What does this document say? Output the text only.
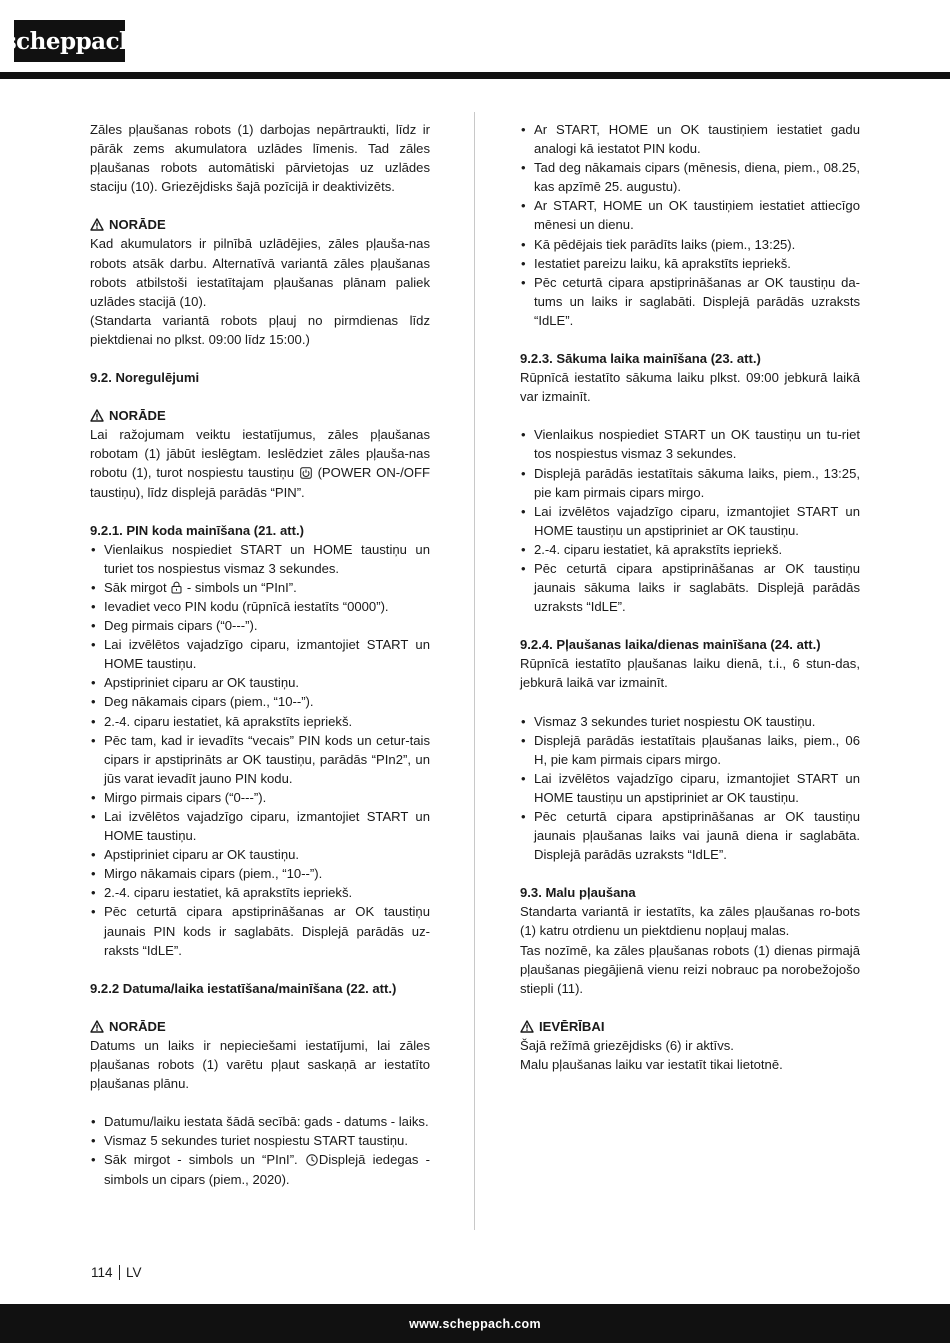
scheppach

Zāles pļaušanas robots (1) darbojas nepārtraukti, līdz ir pārāk zems akumulatora uzlādes līmenis. Tad zāles pļaušanas robots automātiski pārvietojas uz uzlādes staciju (10). Griezējdisks šajā pozīcijā ir deaktivizēts.

NORĀDE

Kad akumulators ir pilnībā uzlādējies, zāles pļauša-nas robots atsāk darbu. Alternatīvā variantā zāles pļaušanas robots atbilstoši iestatītajam pļaušanas plānam paliek uzlādes stacijā (10).

(Standarta variantā robots pļauj no pirmdienas līdz piektdienai no plkst. 09:00 līdz 15:00.)

9.2. Noregulējumi
NORĀDE

Lai ražojumam veiktu iestatījumus, zāles pļaušanas robotam (1) jābūt ieslēgtam. Ieslēdziet zāles pļauša-nas robotu (1), turot nospiestu taustiņu (POWER ON-/OFF taustiņu), līdz displejā parādās “PIN”.

9.2.1. PIN koda mainīšana (21. att.)
• Vienlaikus nospiediet START un HOME taustiņu un turiet tos nospiestus vismaz 3 sekundes.
• Sāk mirgot - simbols un “PInI”.
• Ievadiet veco PIN kodu (rūpnīcā iestatīts “0000”).
• Deg pirmais cipars (“0---”).
• Lai izvēlētos vajadzīgo ciparu, izmantojiet START un HOME taustiņu.
• Apstipriniet ciparu ar OK taustiņu.
• Deg nākamais cipars (piem., “10--”).
• 2.-4. ciparu iestatiet, kā aprakstīts iepriekš.
• Pēc tam, kad ir ievadīts “vecais” PIN kods un cetur-tais cipars ir apstiprināts ar OK taustiņu, parādās “PIn2”, un jūs varat ievadīt jauno PIN kodu.
• Mirgo pirmais cipars (“0---”).
• Lai izvēlētos vajadzīgo ciparu, izmantojiet START un HOME taustiņu.
• Apstipriniet ciparu ar OK taustiņu.
• Mirgo nākamais cipars (piem., “10--”).
• 2.-4. ciparu iestatiet, kā aprakstīts iepriekš.
• Pēc ceturtā cipara apstiprināšanas ar OK taustiņu jaunais PIN kods ir saglabāts. Displejā parādās uz-raksts “IdLE”.
9.2.2 Datuma/laika iestatīšana/mainīšana (22. att.)
NORĀDE

Datums un laiks ir nepieciešami iestatījumi, lai zāles pļaušanas robots (1) varētu pļaut saskaņā ar iestatīto pļaušanas plānu.

• Datumu/laiku iestata šādā secībā: gads - datums - laiks.
• Vismaz 5 sekundes turiet nospiestu START taustiņu.
• Sāk mirgot - simbols un “PInI”. Displejā iedegas - simbols un cipars (piem., 2020).
• Ar START, HOME un OK taustiņiem iestatiet gadu analogi kā iestatot PIN kodu.
• Tad deg nākamais cipars (mēnesis, diena, piem., 08.25, kas apzīmē 25. augustu).
• Ar START, HOME un OK taustiņiem iestatiet attiecīgo mēnesi un dienu.
• Kā pēdējais tiek parādīts laiks (piem., 13:25).
• Iestatiet pareizu laiku, kā aprakstīts iepriekš.
• Pēc ceturtā cipara apstiprināšanas ar OK taustiņu da-tums un laiks ir saglabāti. Displejā parādās uzraksts “IdLE”.
9.2.3. Sākuma laika mainīšana (23. att.)

Rūpnīcā iestatīto sākuma laiku plkst. 09:00 jebkurā laikā var izmainīt.

• Vienlaikus nospiediet START un OK taustiņu un tu-riet tos nospiestus vismaz 3 sekundes.
• Displejā parādās iestatītais sākuma laiks, piem., 13:25, pie kam pirmais cipars mirgo.
• Lai izvēlētos vajadzīgo ciparu, izmantojiet START un HOME taustiņu un apstipriniet ar OK taustiņu.
• 2.-4. ciparu iestatiet, kā aprakstīts iepriekš.
• Pēc ceturtā cipara apstiprināšanas ar OK taustiņu jaunais sākuma laiks ir saglabāts. Displejā parādās uzraksts “IdLE”.
9.2.4. Pļaušanas laika/dienas mainīšana (24. att.)

Rūpnīcā iestatīto pļaušanas laiku dienā, t.i., 6 stun-das, jebkurā laikā var izmainīt.

• Vismaz 3 sekundes turiet nospiestu OK taustiņu.
• Displejā parādās iestatītais pļaušanas laiks, piem., 06 H, pie kam pirmais cipars mirgo.
• Lai izvēlētos vajadzīgo ciparu, izmantojiet START un HOME taustiņu un apstipriniet ar OK taustiņu.
• Pēc ceturtā cipara apstiprināšanas ar OK taustiņu jaunais pļaušanas laiks vai jaunā diena ir saglabāta. Displejā parādās uzraksts “IdLE”.
9.3. Malu pļaušana

Standarta variantā ir iestatīts, ka zāles pļaušanas ro-bots (1) katru otrdienu un piektdienu nopļauj malas.

Tas nozīmē, ka zāles pļaušanas robots (1) dienas pirmajā pļaušanas piegājienā vienu reizi nobrauc pa norobežojošo stiepli (11).

IEVĒRĪBAI

Šajā režīmā griezējdisks (6) ir aktīvs.

Malu pļaušanas laiku var iestatīt tikai lietotnē.

114 LV
www.scheppach.com
